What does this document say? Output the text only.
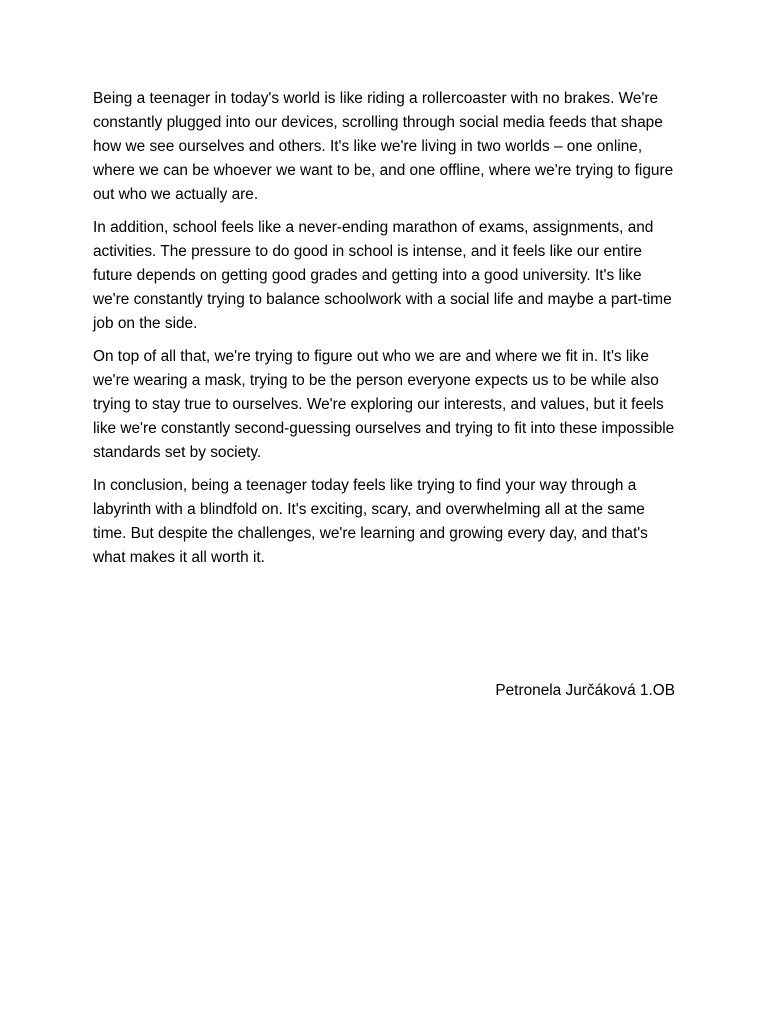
Being a teenager in today's world is like riding a rollercoaster with no brakes. We're constantly plugged into our devices, scrolling through social media feeds that shape how we see ourselves and others. It's like we're living in two worlds – one online, where we can be whoever we want to be, and one offline, where we're trying to figure out who we actually are.

In addition, school feels like a never-ending marathon of exams, assignments, and activities. The pressure to do good in school is intense, and it feels like our entire future depends on getting good grades and getting into a good university. It's like we're constantly trying to balance schoolwork with a social life and maybe a part-time job on the side.

On top of all that, we're trying to figure out who we are and where we fit in. It's like we're wearing a mask, trying to be the person everyone expects us to be while also trying to stay true to ourselves. We're exploring our interests, and values, but it feels like we're constantly second-guessing ourselves and trying to fit into these impossible standards set by society.

In conclusion, being a teenager today feels like trying to find your way through a labyrinth with a blindfold on. It's exciting, scary, and overwhelming all at the same time. But despite the challenges, we're learning and growing every day, and that's what makes it all worth it.

Petronela Jurčáková 1.OB
